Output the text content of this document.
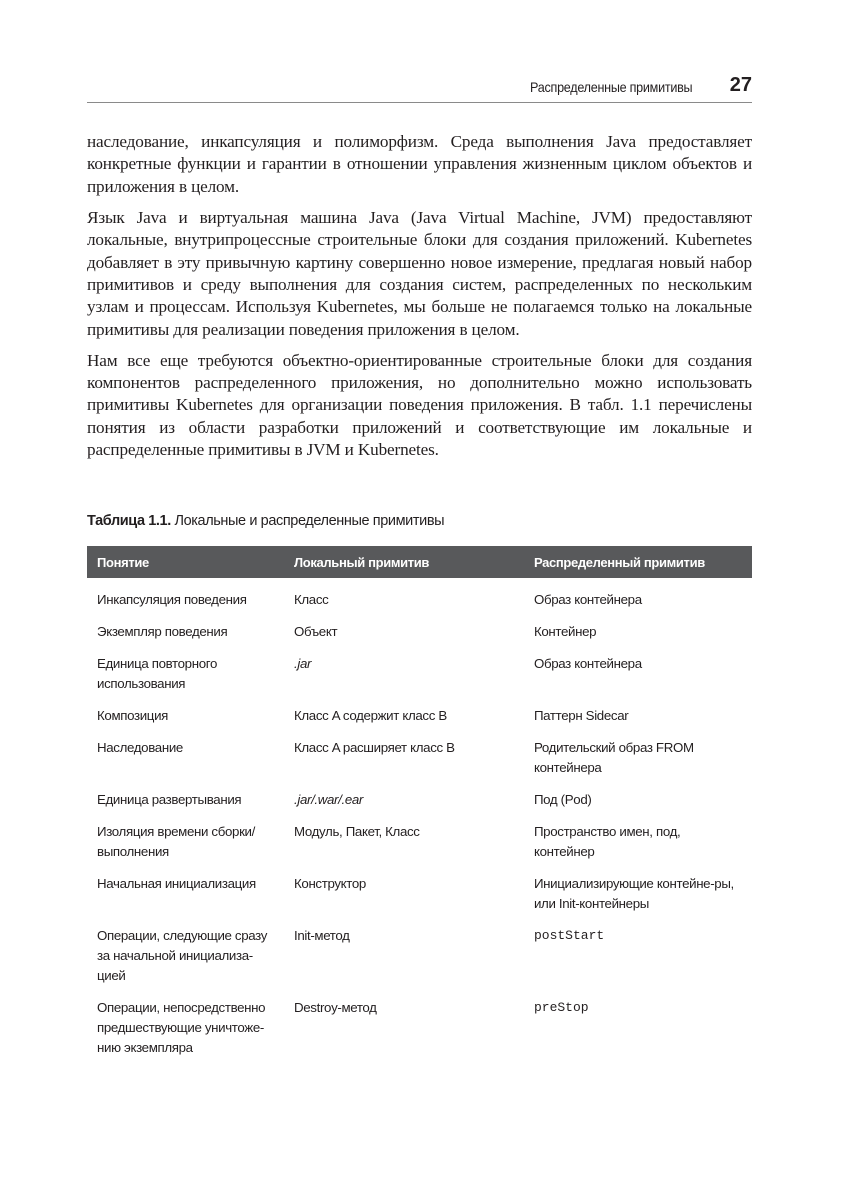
Распределенные примитивы 27

наследование, инкапсуляция и полиморфизм. Среда выполнения Java предоставляет конкретные функции и гарантии в отношении управления жизненным циклом объектов и приложения в целом.

Язык Java и виртуальная машина Java (Java Virtual Machine, JVM) предоставляют локальные, внутрипроцессные строительные блоки для создания приложений. Kubernetes добавляет в эту привычную картину совершенно новое измерение, предлагая новый набор примитивов и среду выполнения для создания систем, распределенных по нескольким узлам и процессам. Используя Kubernetes, мы больше не полагаемся только на локальные примитивы для реализации поведения приложения в целом.

Нам все еще требуются объектно-ориентированные строительные блоки для создания компонентов распределенного приложения, но дополнительно можно использовать примитивы Kubernetes для организации поведения приложения. В табл. 1.1 перечислены понятия из области разработки приложений и соответствующие им локальные и распределенные примитивы в JVM и Kubernetes.

Таблица 1.1. Локальные и распределенные примитивы
Понятие	Локальный примитив	Распределенный примитив
Инкапсуляция поведения	Класс	Образ контейнера
Экземпляр поведения	Объект	Контейнер
Единица повторного использования	.jar	Образ контейнера
Композиция	Класс A содержит класс B	Паттерн Sidecar
Наследование	Класс A расширяет класс B	Родительский образ FROM контейнера
Единица развертывания	.jar/.war/.ear	Под (Pod)
Изоляция времени сборки/выполнения	Модуль, Пакет, Класс	Пространство имен, под, контейнер
Начальная инициализация	Конструктор	Инициализирующие контейне-ры, или Init-контейнеры
Операции, следующие сразу за начальной инициализа-цией	Init-метод	postStart
Операции, непосредственно предшествующие уничтоже-нию экземпляра	Destroy-метод	preStop
